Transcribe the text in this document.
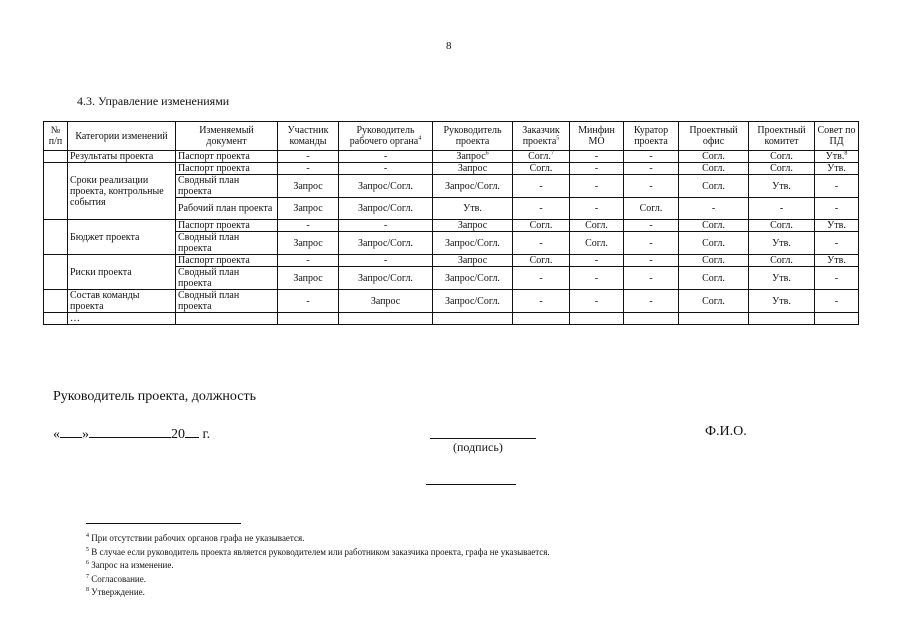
8
4.3. Управление изменениями
№ п/п	Категории изменений	Изменяемый документ	Участник команды	Руководитель рабочего органа$^4$	Руководитель проекта	Заказчик проекта$^5$	Минфин МО	Куратор проекта	Проектный офис	Проектный комитет	Совет по ПД
	Результаты проекта	Паспорт проекта	-	-	Запрос$^6$	Согл.$^7$	-	-	Согл.	Согл.	Утв.$^8$
	Сроки реализации проекта, контрольные события	Паспорт проекта	-	-	Запрос	Согл.	-	-	Согл.	Согл.	Утв.
		Сводный план проекта	Запрос	Запрос/Согл.	Запрос/Согл.	-	-	-	Согл.	Утв.	-
		Рабочий план проекта	Запрос	Запрос/Согл.	Утв.	-	-	Согл.	-	-	-
	Бюджет проекта	Паспорт проекта	-	-	Запрос	Согл.	Согл.	-	Согл.	Согл.	Утв.
		Сводный план проекта	Запрос	Запрос/Согл.	Запрос/Согл.	-	Согл.	-	Согл.	Утв.	-
	Риски проекта	Паспорт проекта	-	-	Запрос	Согл.	-	-	Согл.	Согл.	Утв.
		Сводный план проекта	Запрос	Запрос/Согл.	Запрос/Согл.	-	-	-	Согл.	Утв.	-
	Состав команды проекта	Сводный план проекта	-	Запрос	Запрос/Согл.	-	-	-	Согл.	Утв.	-
	…										
Руководитель проекта, должность
« »	20 г.
(подпись)
Ф.И.О.
$^4$ При отсутствии рабочих органов графа не указывается.
$^5$ В случае если руководитель проекта является руководителем или работником заказчика проекта, графа не указывается.
$^6$ Запрос на изменение.
$^7$ Согласование.
$^8$ Утверждение.
